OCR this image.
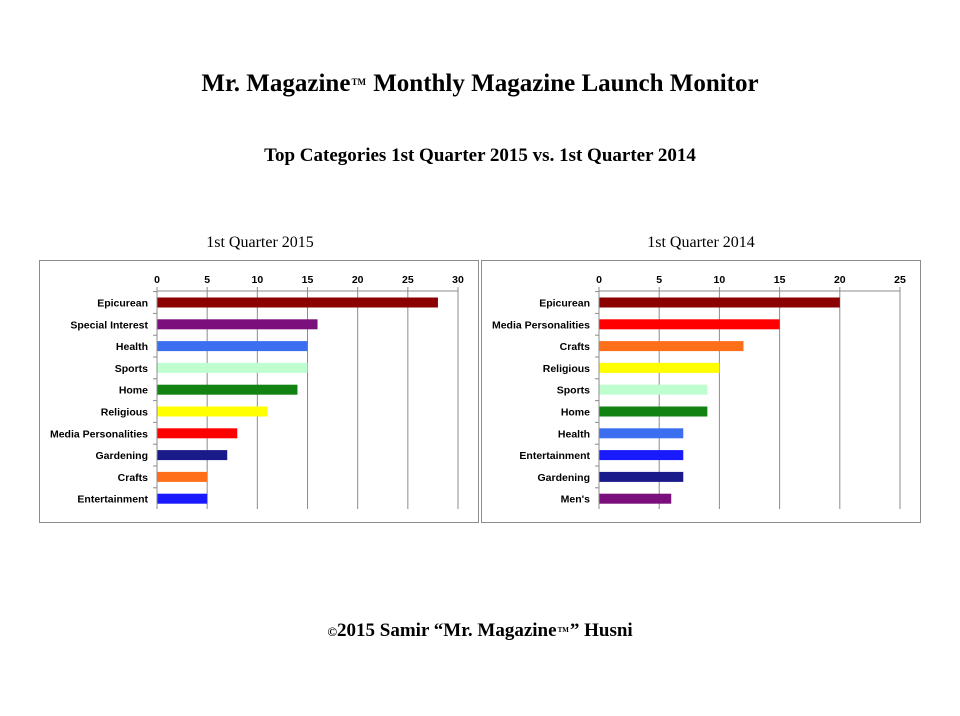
Mr. Magazine™ Monthly Magazine Launch Monitor
Top Categories 1st Quarter 2015 vs. 1st Quarter 2014
1st Quarter 2015
0	5	10	15	20	25	30
Epicurean
Special Interest
Health
Sports
Home
Religious
Media Personalities
Gardening
Crafts
Entertainment
1st Quarter 2014
0	5	10	15	20	25
Epicurean
Media Personalities
Crafts
Religious
Sports
Home
Health
Entertainment
Gardening
Men's
©2015 Samir “Mr. Magazine™” Husni
